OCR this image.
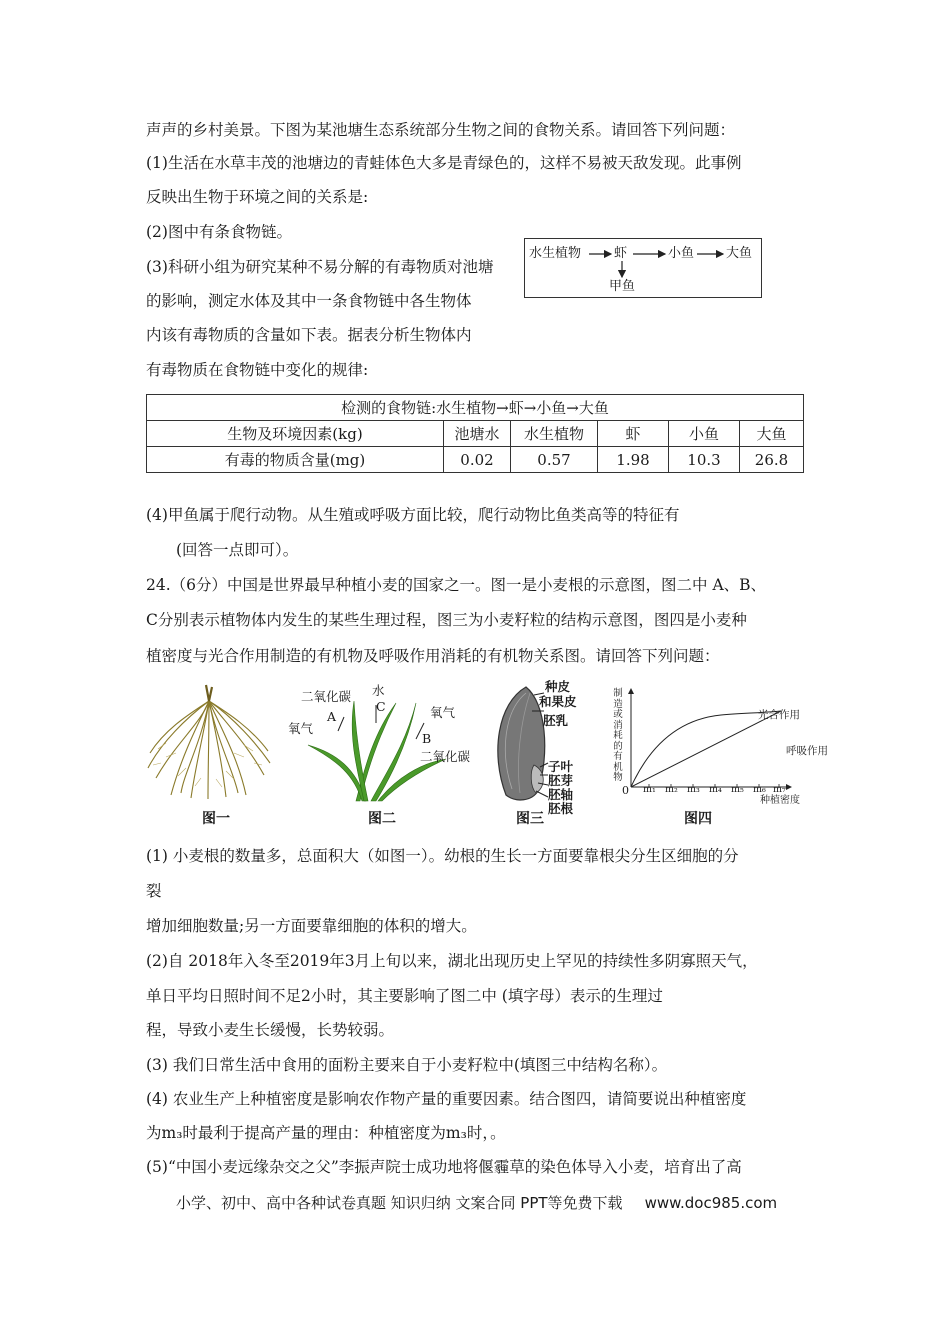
声声的乡村美景。下图为某池塘生态系统部分生物之间的食物关系。请回答下列问题：
(1)生活在水草丰茂的池塘边的青蛙体色大多是青绿色的，这样不易被天敌发现。此事例
反映出生物于环境之间的关系是:
(2)图中有条食物链。
(3)科研小组为研究某种不易分解的有毒物质对池塘
的影响，测定水体及其中一条食物链中各生物体
内该有毒物质的含量如下表。据表分析生物体内
有毒物质在食物链中变化的规律:
水生植物	虾	小鱼 大鱼
甲鱼
检测的食物链:水生植物→虾→小鱼→大鱼					
生物及环境因素(kg)	池塘水	水生植物	虾	小鱼	大鱼
有毒的物质含量(mg)	0.02	0.57	1.98	10.3	26.8
(4)甲鱼属于爬行动物。从生殖或呼吸方面比较，爬行动物比鱼类高等的特征有
(回答一点即可）。
24.（6分）中国是世界最早种植小麦的国家之一。图一是小麦根的示意图，图二中 A、B、
C分别表示植物体内发生的某些生理过程，图三为小麦籽粒的结构示意图，图四是小麦种
植密度与光合作用制造的有机物及呼吸作用消耗的有机物关系图。请回答下列问题：
图一
二氧化碳 水
氧气
A
C	氧气
B
二氧化碳
图二
种皮
和果皮
胚乳
子叶
胚芽
胚轴
胚根
图三
光合作用
呼吸作用
制
造
或
消
耗
的
有
机
物
0 m₁ m₂ m₃ m₄ m₅ m₆ m₇
种植密度
图四
(1) 小麦根的数量多，总面积大（如图一）。幼根的生长一方面要靠根尖分生区细胞的分
裂
增加细胞数量;另一方面要靠细胞的体积的增大。
(2)自 2018年入冬至2019年3月上旬以来，湖北出现历史上罕见的持续性多阴寡照天气，
单日平均日照时间不足2小时，其主要影响了图二中 (填字母）表示的生理过
程，导致小麦生长缓慢，长势较弱。
(3) 我们日常生活中食用的面粉主要来自于小麦籽粒中(填图三中结构名称）。
(4) 农业生产上种植密度是影响农作物产量的重要因素。结合图四，请简要说出种植密度
为m₃时最利于提高产量的理由：种植密度为m₃时，。
(5)“中国小麦远缘杂交之父”李振声院士成功地将偃霾草的染色体导入小麦，培育出了高
小学、初中、高中各种试卷真题 知识归纳 文案合同 PPT等免费下载 www.doc985.com
